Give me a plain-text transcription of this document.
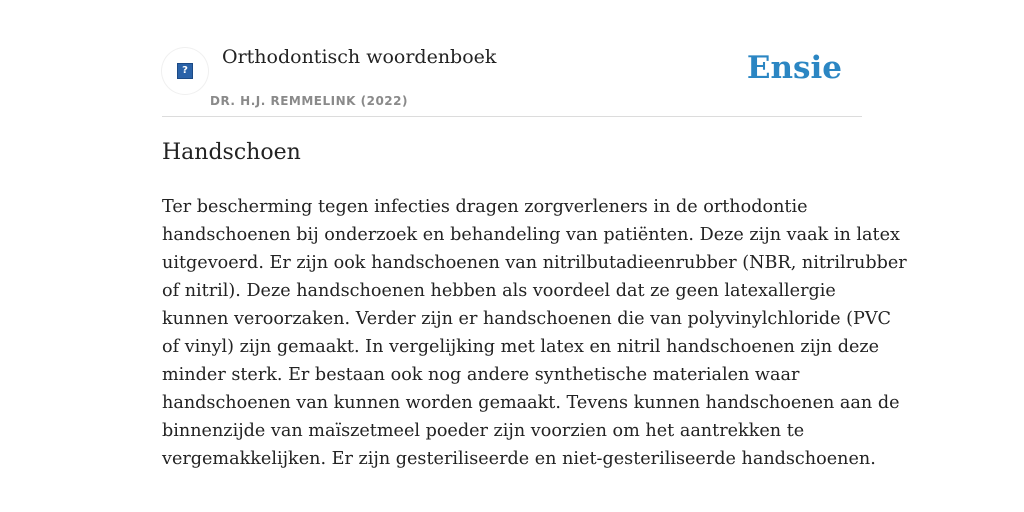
?
Orthodontisch woordenboek
DR. H.J. REMMELINK (2022)
Ensie
Handschoen
Ter bescherming tegen infecties dragen zorgverleners in de orthodontie
handschoenen bij onderzoek en behandeling van patiënten. Deze zijn vaak in latex
uitgevoerd. Er zijn ook handschoenen van nitrilbutadieenrubber (NBR, nitrilrubber
of nitril). Deze handschoenen hebben als voordeel dat ze geen latexallergie
kunnen veroorzaken. Verder zijn er handschoenen die van polyvinylchloride (PVC
of vinyl) zijn gemaakt. In vergelijking met latex en nitril handschoenen zijn deze
minder sterk. Er bestaan ook nog andere synthetische materialen waar
handschoenen van kunnen worden gemaakt. Tevens kunnen handschoenen aan de
binnenzijde van maïszetmeel poeder zijn voorzien om het aantrekken te
vergemakkelijken. Er zijn gesteriliseerde en niet-gesteriliseerde handschoenen.
